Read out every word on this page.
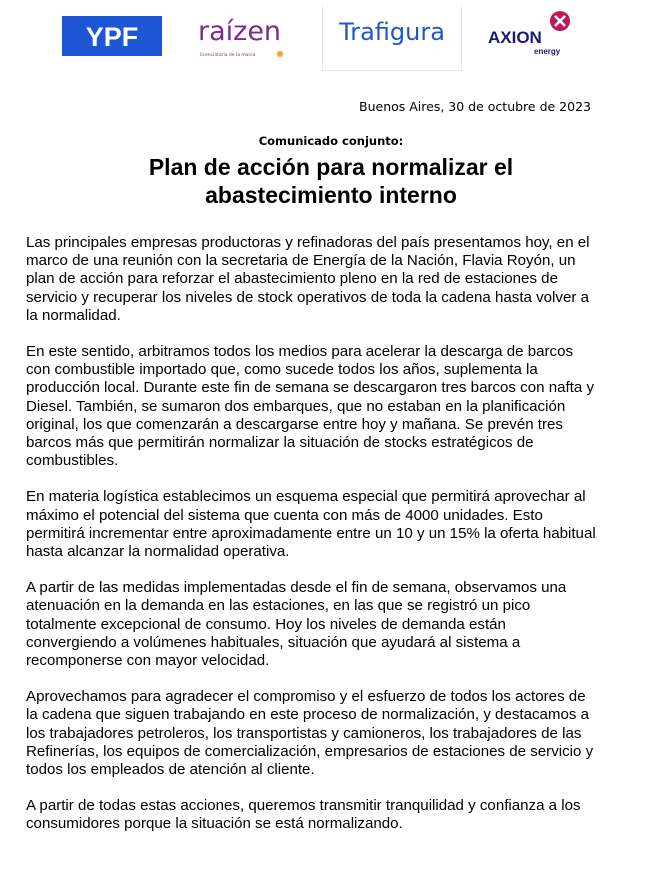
YPF raízen
licenciataria de la marca
Trafigura	AXION
energy
Buenos Aires, 30 de octubre de 2023
Comunicado conjunto:
Plan de acción para normalizar el
abastecimiento interno

Las principales empresas productoras y refinadoras del país presentamos hoy, en el marco de una reunión con la secretaria de Energía de la Nación, Flavia Royón, un plan de acción para reforzar el abastecimiento pleno en la red de estaciones de servicio y recuperar los niveles de stock operativos de toda la cadena hasta volver a la normalidad.

En este sentido, arbitramos todos los medios para acelerar la descarga de barcos con combustible importado que, como sucede todos los años, suplementa la producción local. Durante este fin de semana se descargaron tres barcos con nafta y Diesel. También, se sumaron dos embarques, que no estaban en la planificación original, los que comenzarán a descargarse entre hoy y mañana. Se prevén tres barcos más que permitirán normalizar la situación de stocks estratégicos de combustibles.

En materia logística establecimos un esquema especial que permitirá aprovechar al máximo el potencial del sistema que cuenta con más de 4000 unidades. Esto permitirá incrementar entre aproximadamente entre un 10 y un 15% la oferta habitual hasta alcanzar la normalidad operativa.

A partir de las medidas implementadas desde el fin de semana, observamos una atenuación en la demanda en las estaciones, en las que se registró un pico totalmente excepcional de consumo. Hoy los niveles de demanda están convergiendo a volúmenes habituales, situación que ayudará al sistema a recomponerse con mayor velocidad.

Aprovechamos para agradecer el compromiso y el esfuerzo de todos los actores de la cadena que siguen trabajando en este proceso de normalización, y destacamos a los trabajadores petroleros, los transportistas y camioneros, los trabajadores de las Refinerías, los equipos de comercialización, empresarios de estaciones de servicio y todos los empleados de atención al cliente.

A partir de todas estas acciones, queremos transmitir tranquilidad y confianza a los consumidores porque la situación se está normalizando.
